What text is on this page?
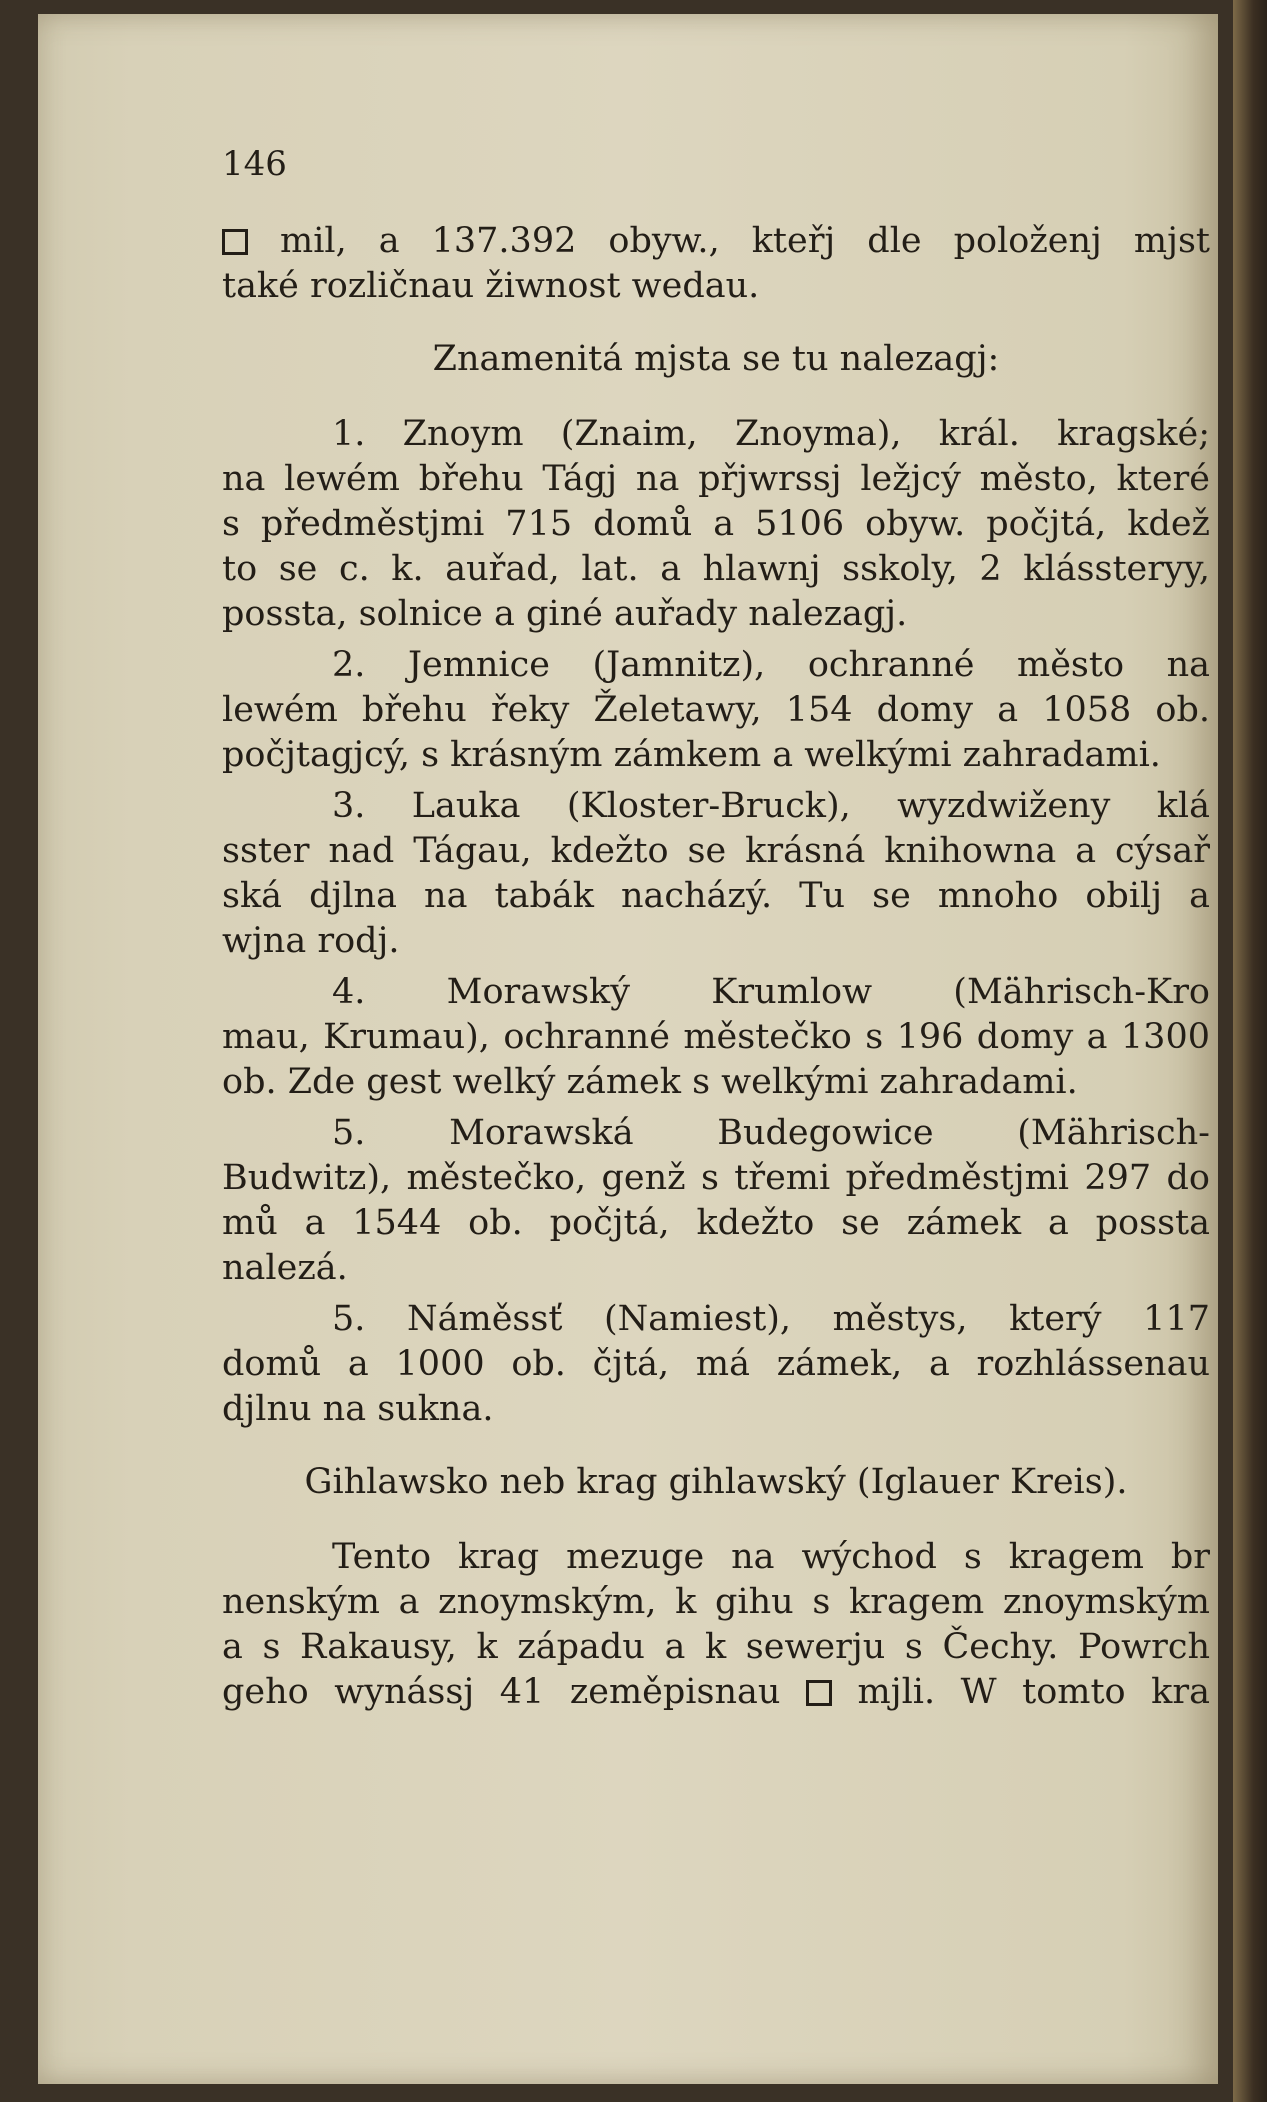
146
mil, a 137.392 obyw., kteřj dle položenj mjst
také rozličnau žiwnost wedau.
Znamenitá mjsta se tu nalezagj:
1. Znoym (Znaim, Znoyma), král. kragské;
na lewém břehu Tágj na přjwrssj ležjcý město, které
s předměstjmi 715 domů a 5106 obyw. počjtá, kdež
to se c. k. auřad, lat. a hlawnj sskoly, 2 klássteryy,
possta, solnice a giné auřady nalezagj.
2. Jemnice (Jamnitz), ochranné město na
lewém břehu řeky Želetawy, 154 domy a 1058 ob.
počjtagjcý, s krásným zámkem a welkými zahradami.
3. Lauka (Kloster-Bruck), wyzdwiženy klá
sster nad Tágau, kdežto se krásná knihowna a cýsař
ská djlna na tabák nacházý. Tu se mnoho obilj a
wjna rodj.
4. Morawský Krumlow (Mährisch-Kro
mau, Krumau), ochranné městečko s 196 domy a 1300
ob. Zde gest welký zámek s welkými zahradami.
5. Morawská Budegowice (Mährisch-
Budwitz), městečko, genž s třemi předměstjmi 297 do
mů a 1544 ob. počjtá, kdežto se zámek a possta
nalezá.
5. Náměssť (Namiest), městys, který 117
domů a 1000 ob. čjtá, má zámek, a rozhlássenau
djlnu na sukna.
Gihlawsko neb krag gihlawský (Iglauer Kreis).
Tento krag mezuge na wýchod s kragem br
nenským a znoymským, k gihu s kragem znoymským
a s Rakausy, k západu a k sewerju s Čechy. Powrch
geho wynássj 41 zeměpisnau mjli. W tomto kra
